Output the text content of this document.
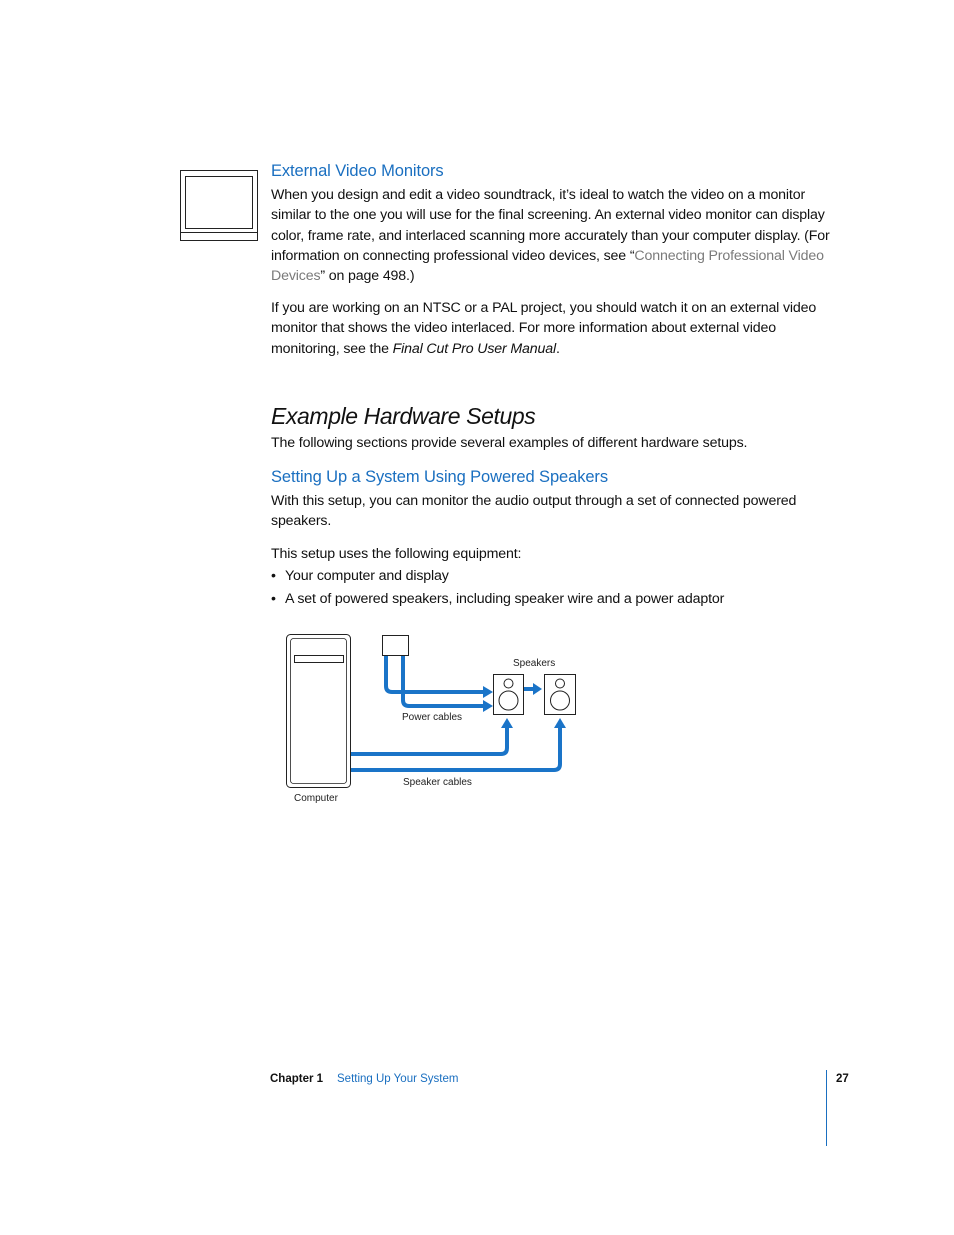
External Video Monitors

When you design and edit a video soundtrack, it’s ideal to watch the video on a monitor similar to the one you will use for the final screening. An external video monitor can display color, frame rate, and interlaced scanning more accurately than your computer display. (For information on connecting professional video devices, see “Connecting Professional Video Devices” on page 498.)

If you are working on an NTSC or a PAL project, you should watch it on an external video monitor that shows the video interlaced. For more information about external video monitoring, see the Final Cut Pro User Manual.

Example Hardware Setups

The following sections provide several examples of different hardware setups.

Setting Up a System Using Powered Speakers

With this setup, you can monitor the audio output through a set of connected powered speakers.

This setup uses the following equipment:

• Your computer and display
• A set of powered speakers, including speaker wire and a power adaptor
Speakers
Power cables
Speaker cables
Computer
Chapter 1 Setting Up Your System	27
